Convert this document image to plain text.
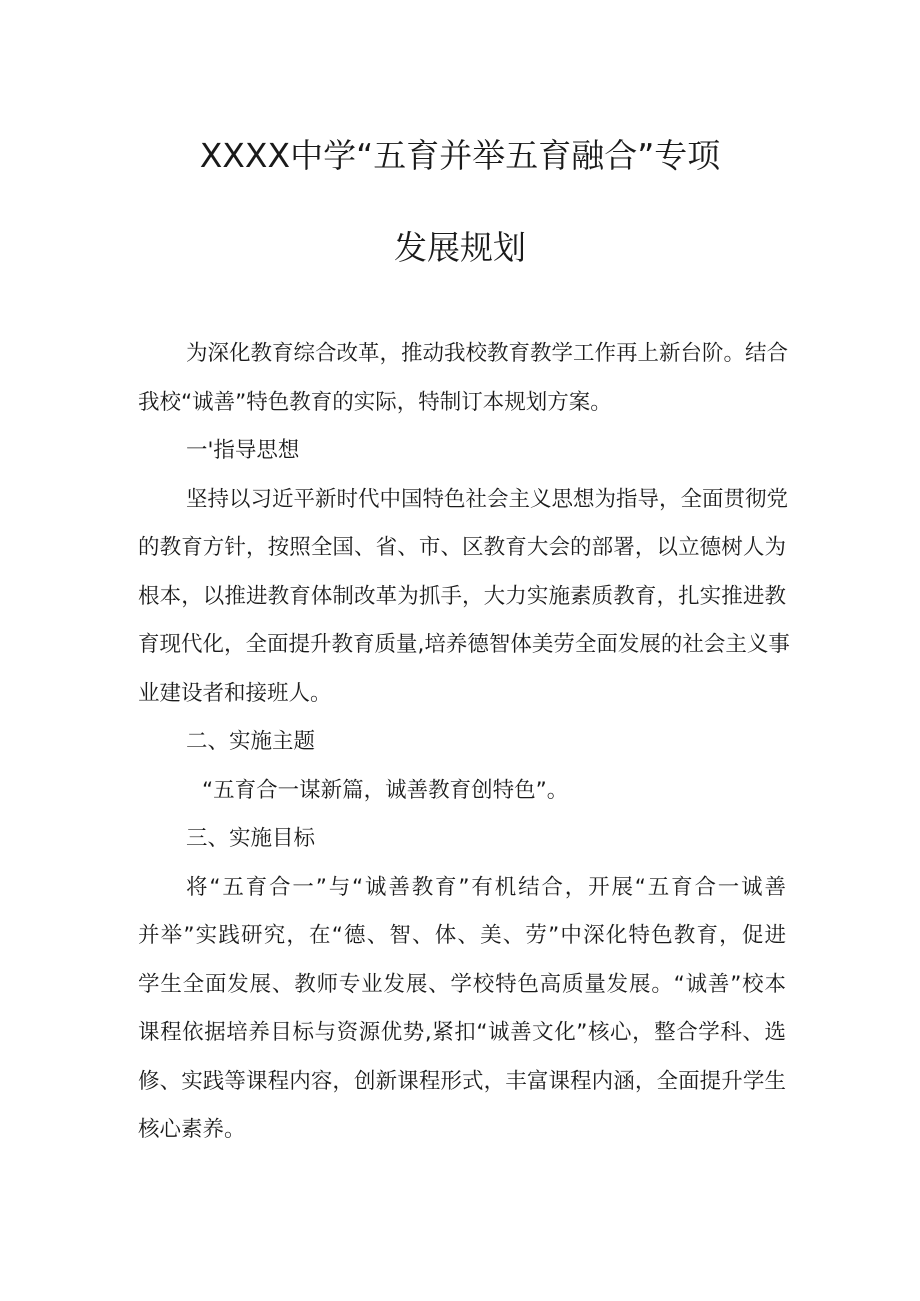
XXXX中学“五育并举五育融合”专项
发展规划
为深化教育综合改革，推动我校教育教学工作再上新台阶。结合
我校“诚善”特色教育的实际，特制订本规划方案。
一'指导思想
坚持以习近平新时代中国特色社会主义思想为指导，全面贯彻党
的教育方针，按照全国、省、市、区教育大会的部署，以立德树人为
根本，以推进教育体制改革为抓手，大力实施素质教育，扎实推进教
育现代化，全面提升教育质量,培养德智体美劳全面发展的社会主义事
业建设者和接班人。
二、实施主题
“五育合一谋新篇，诚善教育创特色”。
三、实施目标
将“五育合一”与“诚善教育”有机结合，开展“五育合一诚善
并举”实践研究，在“德、智、体、美、劳”中深化特色教育，促进
学生全面发展、教师专业发展、学校特色高质量发展。“诚善”校本
课程依据培养目标与资源优势,紧扣“诚善文化”核心，整合学科、选
修、实践等课程内容，创新课程形式，丰富课程内涵，全面提升学生
核心素养。
